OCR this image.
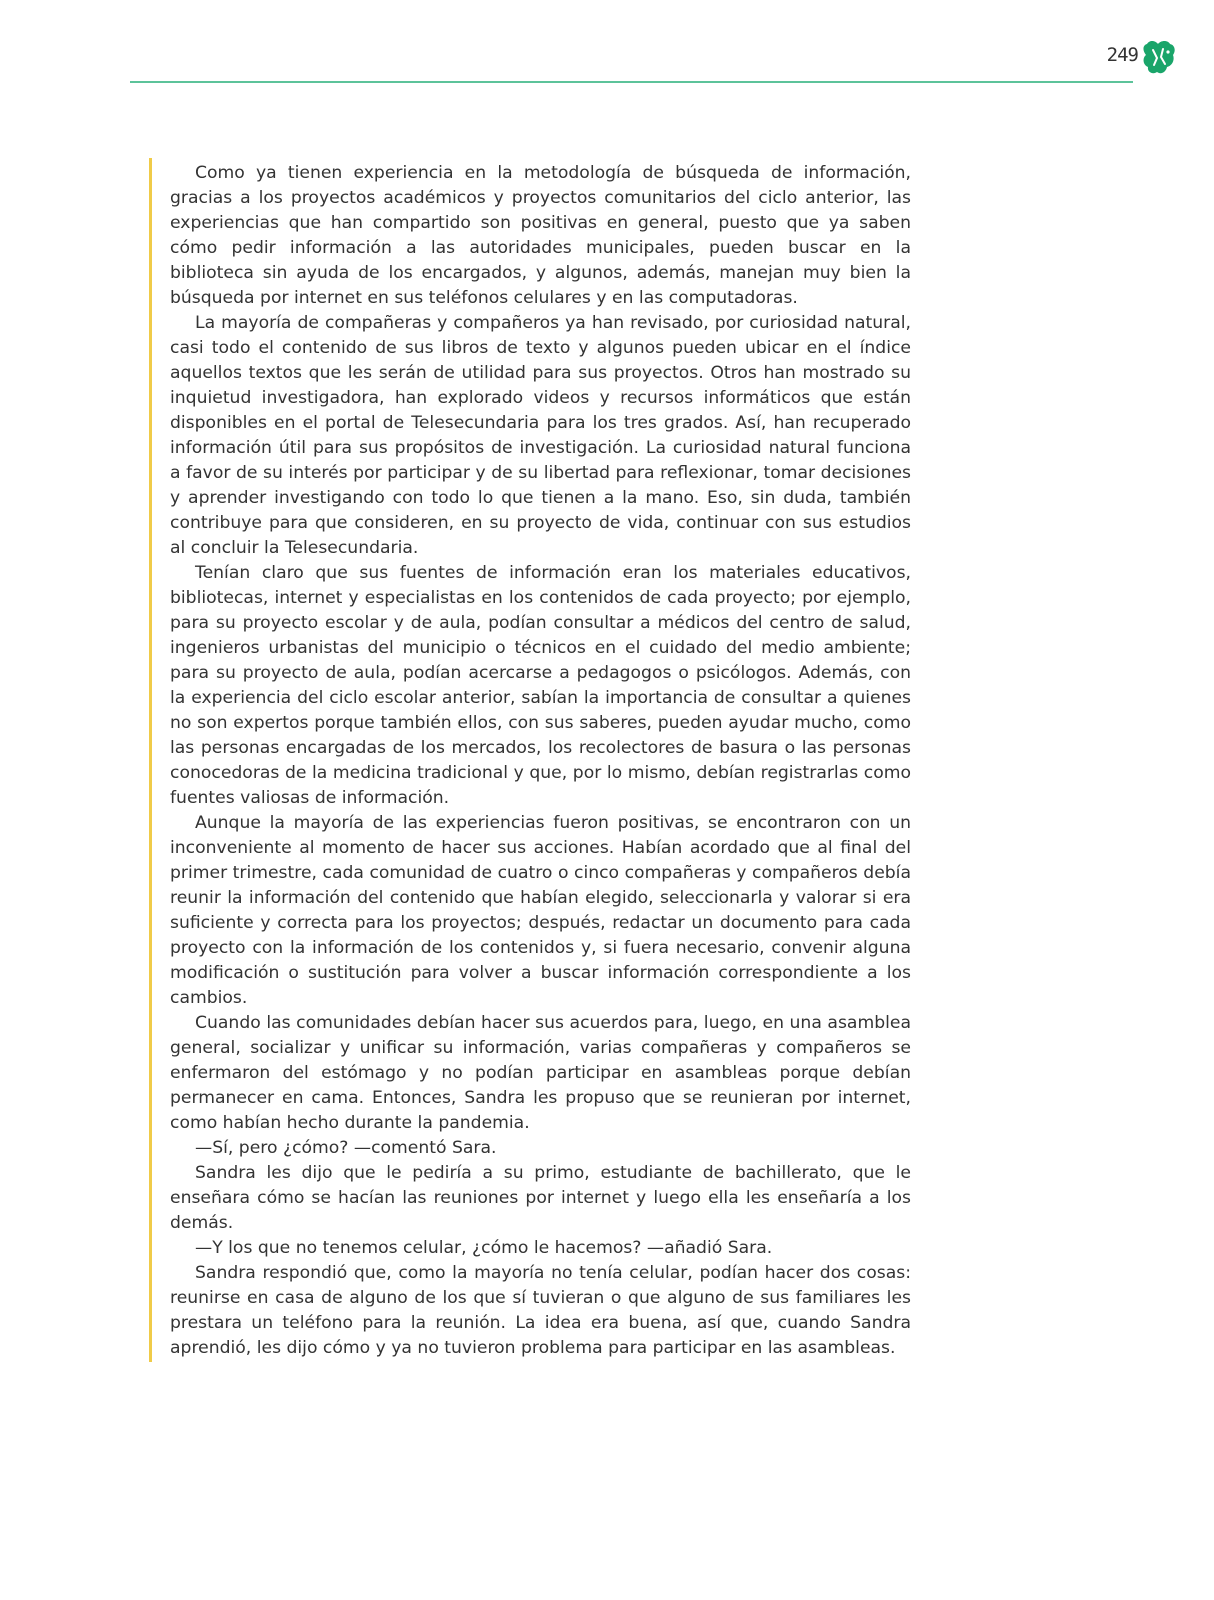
249

Como ya tienen experiencia en la metodología de búsqueda de información, gracias a los proyectos académicos y proyectos comunitarios del ciclo anterior, las experiencias que han compartido son positivas en general, puesto que ya saben cómo pedir información a las autoridades municipales, pueden buscar en la biblioteca sin ayuda de los encargados, y algunos, además, manejan muy bien la búsqueda por internet en sus teléfonos celulares y en las computadoras.

La mayoría de compañeras y compañeros ya han revisado, por curiosidad natural, casi todo el contenido de sus libros de texto y algunos pueden ubicar en el índice aquellos textos que les serán de utilidad para sus proyectos. Otros han mostrado su inquietud investigadora, han explorado videos y recursos informáticos que están disponibles en el portal de Telesecundaria para los tres grados. Así, han recuperado información útil para sus propósitos de investigación. La curiosidad natural funciona a favor de su interés por participar y de su libertad para reflexionar, tomar decisiones y aprender investigando con todo lo que tienen a la mano. Eso, sin duda, también contribuye para que consideren, en su proyecto de vida, continuar con sus estudios al concluir la Telesecundaria.

Tenían claro que sus fuentes de información eran los materiales educativos, bibliotecas, internet y especialistas en los contenidos de cada proyecto; por ejemplo, para su proyecto escolar y de aula, podían consultar a médicos del centro de salud, ingenieros urbanistas del municipio o técnicos en el cuidado del medio ambiente; para su proyecto de aula, podían acercarse a pedagogos o psicólogos. Además, con la experiencia del ciclo escolar anterior, sabían la importancia de consultar a quienes no son expertos porque también ellos, con sus saberes, pueden ayudar mucho, como las personas encargadas de los mercados, los recolectores de basura o las personas conocedoras de la medicina tradicional y que, por lo mismo, debían registrarlas como fuentes valiosas de información.

Aunque la mayoría de las experiencias fueron positivas, se encontraron con un inconveniente al momento de hacer sus acciones. Habían acordado que al final del primer trimestre, cada comunidad de cuatro o cinco compañeras y compañeros debía reunir la información del contenido que habían elegido, seleccionarla y valorar si era suficiente y correcta para los proyectos; después, redactar un documento para cada proyecto con la información de los contenidos y, si fuera necesario, convenir alguna modificación o sustitución para volver a buscar información correspondiente a los cambios.

Cuando las comunidades debían hacer sus acuerdos para, luego, en una asamblea general, socializar y unificar su información, varias compañeras y compañeros se enfermaron del estómago y no podían participar en asambleas porque debían permanecer en cama. Entonces, Sandra les propuso que se reunieran por internet, como habían hecho durante la pandemia.

—Sí, pero ¿cómo? —comentó Sara.

Sandra les dijo que le pediría a su primo, estudiante de bachillerato, que le enseñara cómo se hacían las reuniones por internet y luego ella les enseñaría a los demás.

—Y los que no tenemos celular, ¿cómo le hacemos? —añadió Sara.

Sandra respondió que, como la mayoría no tenía celular, podían hacer dos cosas: reunirse en casa de alguno de los que sí tuvieran o que alguno de sus familiares les prestara un teléfono para la reunión. La idea era buena, así que, cuando Sandra aprendió, les dijo cómo y ya no tuvieron problema para participar en las asambleas.
